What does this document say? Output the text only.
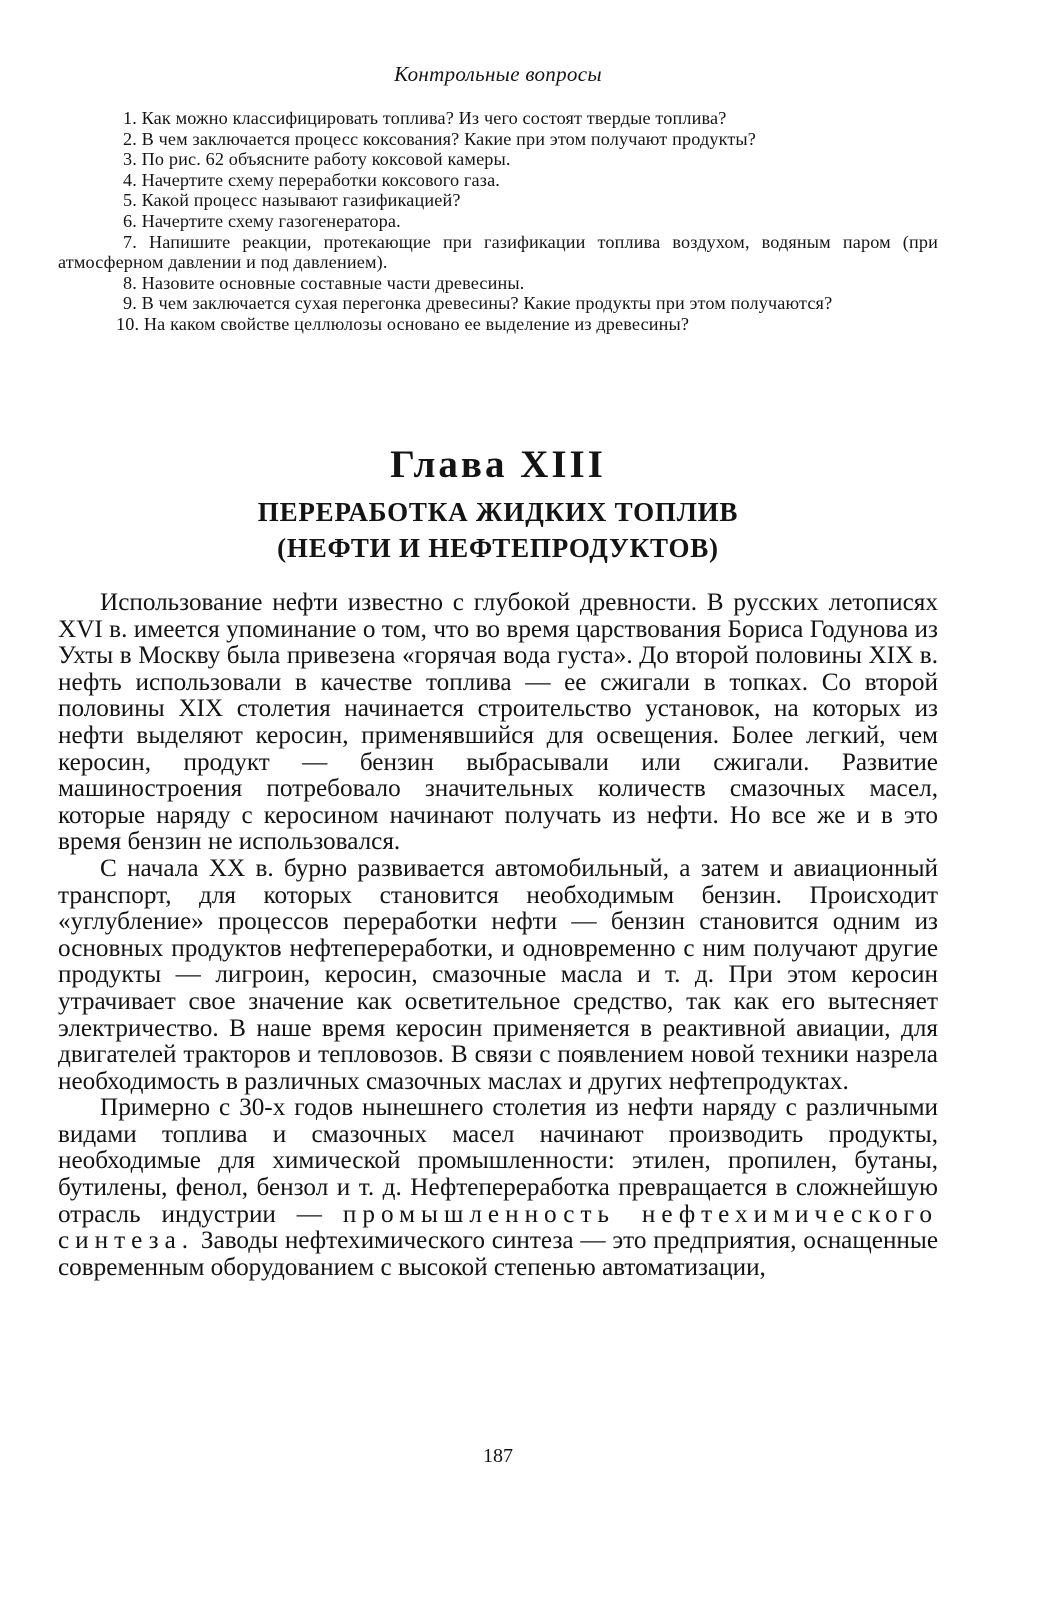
Контрольные вопросы
1. Как можно классифицировать топлива? Из чего состоят твердые топлива?
2. В чем заключается процесс коксования? Какие при этом получают продукты?
3. По рис. 62 объясните работу коксовой камеры.
4. Начертите схему переработки коксового газа.
5. Какой процесс называют газификацией?
6. Начертите схему газогенератора.
7. Напишите реакции, протекающие при газификации топлива воздухом, водяным паром (при атмосферном давлении и под давлением).
8. Назовите основные составные части древесины.
9. В чем заключается сухая перегонка древесины? Какие продукты при этом получаются?
10. На каком свойстве целлюлозы основано ее выделение из древесины?
Глава XIII
ПЕРЕРАБОТКА ЖИДКИХ ТОПЛИВ
(НЕФТИ И НЕФТЕПРОДУКТОВ)

Использование нефти известно с глубокой древности. В русских летописях XVI в. имеется упоминание о том, что во время царствования Бориса Годунова из Ухты в Москву была привезена «горячая вода густа». До второй половины XIX в. нефть использовали в качестве топлива — ее сжигали в топках. Со второй половины XIX столетия начинается строительство установок, на которых из нефти выделяют керосин, применявшийся для освещения. Более легкий, чем керосин, продукт — бензин выбрасывали или сжигали. Развитие машиностроения потребовало значительных количеств смазочных масел, которые наряду с керосином начинают получать из нефти. Но все же и в это время бензин не использовался.

С начала XX в. бурно развивается автомобильный, а затем и авиационный транспорт, для которых становится необходимым бензин. Происходит «углубление» процессов переработки нефти — бензин становится одним из основных продуктов нефтепереработки, и одновременно с ним получают другие продукты — лигроин, керосин, смазочные масла и т. д. При этом керосин утрачивает свое значение как осветительное средство, так как его вытесняет электричество. В наше время керосин применяется в реактивной авиации, для двигателей тракторов и тепловозов. В связи с появлением новой техники назрела необходимость в различных смазочных маслах и других нефтепродуктах.

Примерно с 30-х годов нынешнего столетия из нефти наряду с различными видами топлива и смазочных масел начинают производить продукты, необходимые для химической промышленности: этилен, пропилен, бутаны, бутилены, фенол, бензол и т. д. Нефтепереработка превращается в сложнейшую отрасль индустрии — промышленность нефтехимического синтеза. Заводы нефтехимического синтеза — это предприятия, оснащенные современным оборудованием с высокой степенью автоматизации,

187
